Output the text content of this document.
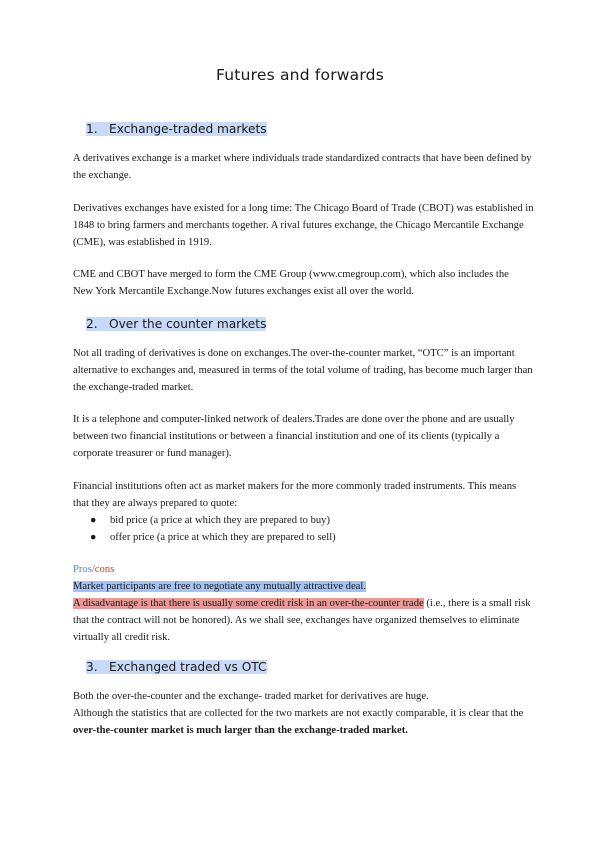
Futures and forwards
1. Exchange-traded markets
A derivatives exchange is a market where individuals trade standardized contracts that have been defined by
the exchange.
Derivatives exchanges have existed for a long time: The Chicago Board of Trade (CBOT) was established in
1848 to bring farmers and merchants together. A rival futures exchange, the Chicago Mercantile Exchange
(CME), was established in 1919.
CME and CBOT have merged to form the CME Group (www.cmegroup.com), which also includes the
New York Mercantile Exchange.Now futures exchanges exist all over the world.
2. Over the counter markets
Not all trading of derivatives is done on exchanges.The over-the-counter market, “OTC” is an important
alternative to exchanges and, measured in terms of the total volume of trading, has become much larger than
the exchange-traded market.
It is a telephone and computer-linked network of dealers.Trades are done over the phone and are usually
between two financial institutions or between a financial institution and one of its clients (typically a
corporate treasurer or fund manager).
Financial institutions often act as market makers for the more commonly traded instruments. This means
that they are always prepared to quote:
● bid price (a price at which they are prepared to buy)
● offer price (a price at which they are prepared to sell)
Pros/cons
Market participants are free to negotiate any mutually attractive deal.
A disadvantage is that there is usually some credit risk in an over-the-counter trade (i.e., there is a small risk
that the contract will not be honored). As we shall see, exchanges have organized themselves to eliminate
virtually all credit risk.
3. Exchanged traded vs OTC
Both the over-the-counter and the exchange- traded market for derivatives are huge.
Although the statistics that are collected for the two markets are not exactly comparable, it is clear that the
over-the-counter market is much larger than the exchange-traded market.
